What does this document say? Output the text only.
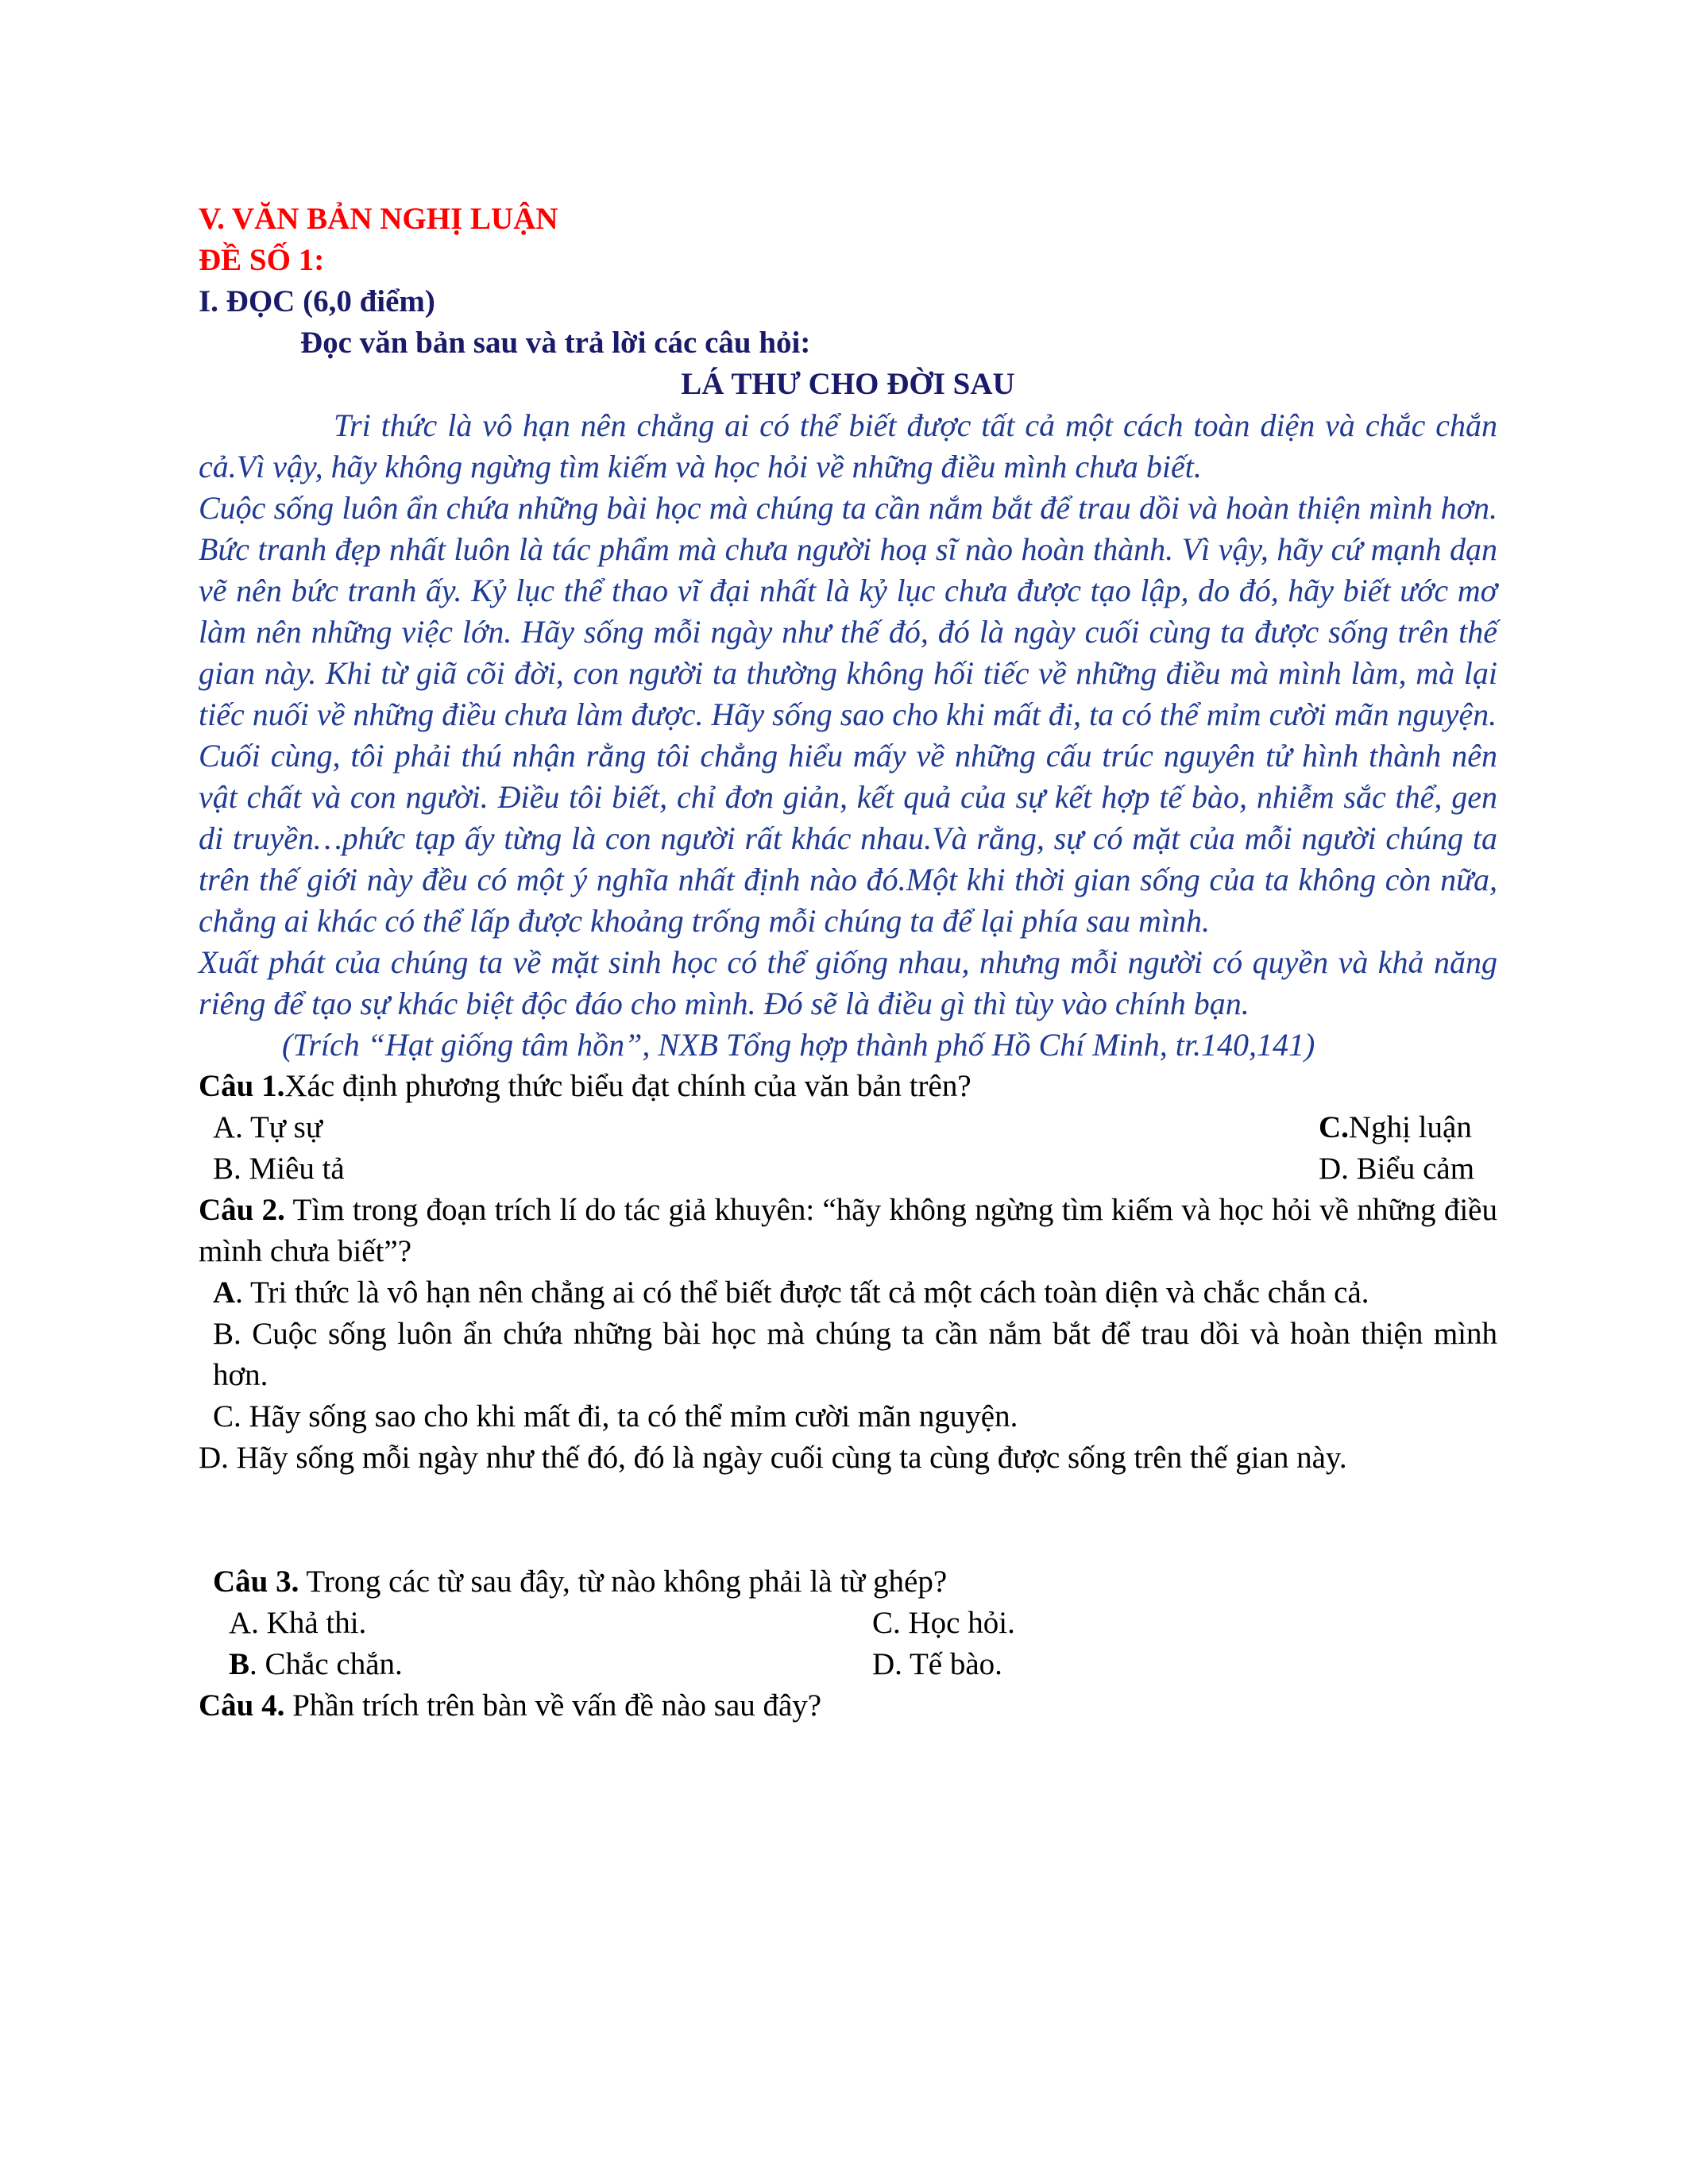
V. VĂN BẢN NGHỊ LUẬN

ĐỀ SỐ 1:

I. ĐỌC (6,0 điểm)

Đọc văn bản sau và trả lời các câu hỏi:

LÁ THƯ CHO ĐỜI SAU

Tri thức là vô hạn nên chẳng ai có thể biết được tất cả một cách toàn diện và chắc chắn cả.Vì vậy, hãy không ngừng tìm kiếm và học hỏi về những điều mình chưa biết.

Cuộc sống luôn ẩn chứa những bài học mà chúng ta cần nắm bắt để trau dồi và hoàn thiện mình hơn. Bức tranh đẹp nhất luôn là tác phẩm mà chưa người hoạ sĩ nào hoàn thành. Vì vậy, hãy cứ mạnh dạn vẽ nên bức tranh ấy. Kỷ lục thể thao vĩ đại nhất là kỷ lục chưa được tạo lập, do đó, hãy biết ước mơ làm nên những việc lớn. Hãy sống mỗi ngày như thế đó, đó là ngày cuối cùng ta được sống trên thế gian này. Khi từ giã cõi đời, con người ta thường không hối tiếc về những điều mà mình làm, mà lại tiếc nuối về những điều chưa làm được. Hãy sống sao cho khi mất đi, ta có thể mỉm cười mãn nguyện.

Cuối cùng, tôi phải thú nhận rằng tôi chẳng hiểu mấy về những cấu trúc nguyên tử hình thành nên vật chất và con người. Điều tôi biết, chỉ đơn giản, kết quả của sự kết hợp tế bào, nhiễm sắc thể, gen di truyền…phức tạp ấy từng là con người rất khác nhau.Và rằng, sự có mặt của mỗi người chúng ta trên thế giới này đều có một ý nghĩa nhất định nào đó.Một khi thời gian sống của ta không còn nữa, chẳng ai khác có thể lấp được khoảng trống mỗi chúng ta để lại phía sau mình.

Xuất phát của chúng ta về mặt sinh học có thể giống nhau, nhưng mỗi người có quyền và khả năng riêng để tạo sự khác biệt độc đáo cho mình. Đó sẽ là điều gì thì tùy vào chính bạn.

(Trích “Hạt giống tâm hồn”, NXB Tổng hợp thành phố Hồ Chí Minh, tr.140,141)

Câu 1.Xác định phương thức biểu đạt chính của văn bản trên?

A. Tự sự	C.Nghị luận
B. Miêu tả	D. Biểu cảm

Câu 2. Tìm trong đoạn trích lí do tác giả khuyên: “hãy không ngừng tìm kiếm và học hỏi về những điều mình chưa biết”?

A. Tri thức là vô hạn nên chẳng ai có thể biết được tất cả một cách toàn diện và chắc chắn cả.

B. Cuộc sống luôn ẩn chứa những bài học mà chúng ta cần nắm bắt để trau dồi và hoàn thiện mình hơn.

C. Hãy sống sao cho khi mất đi, ta có thể mỉm cười mãn nguyện.

D. Hãy sống mỗi ngày như thế đó, đó là ngày cuối cùng ta cùng được sống trên thế gian này.

Câu 3. Trong các từ sau đây, từ nào không phải là từ ghép?

A. Khả thi.	C. Học hỏi.
B. Chắc chắn.	D. Tế bào.

Câu 4. Phần trích trên bàn về vấn đề nào sau đây?
